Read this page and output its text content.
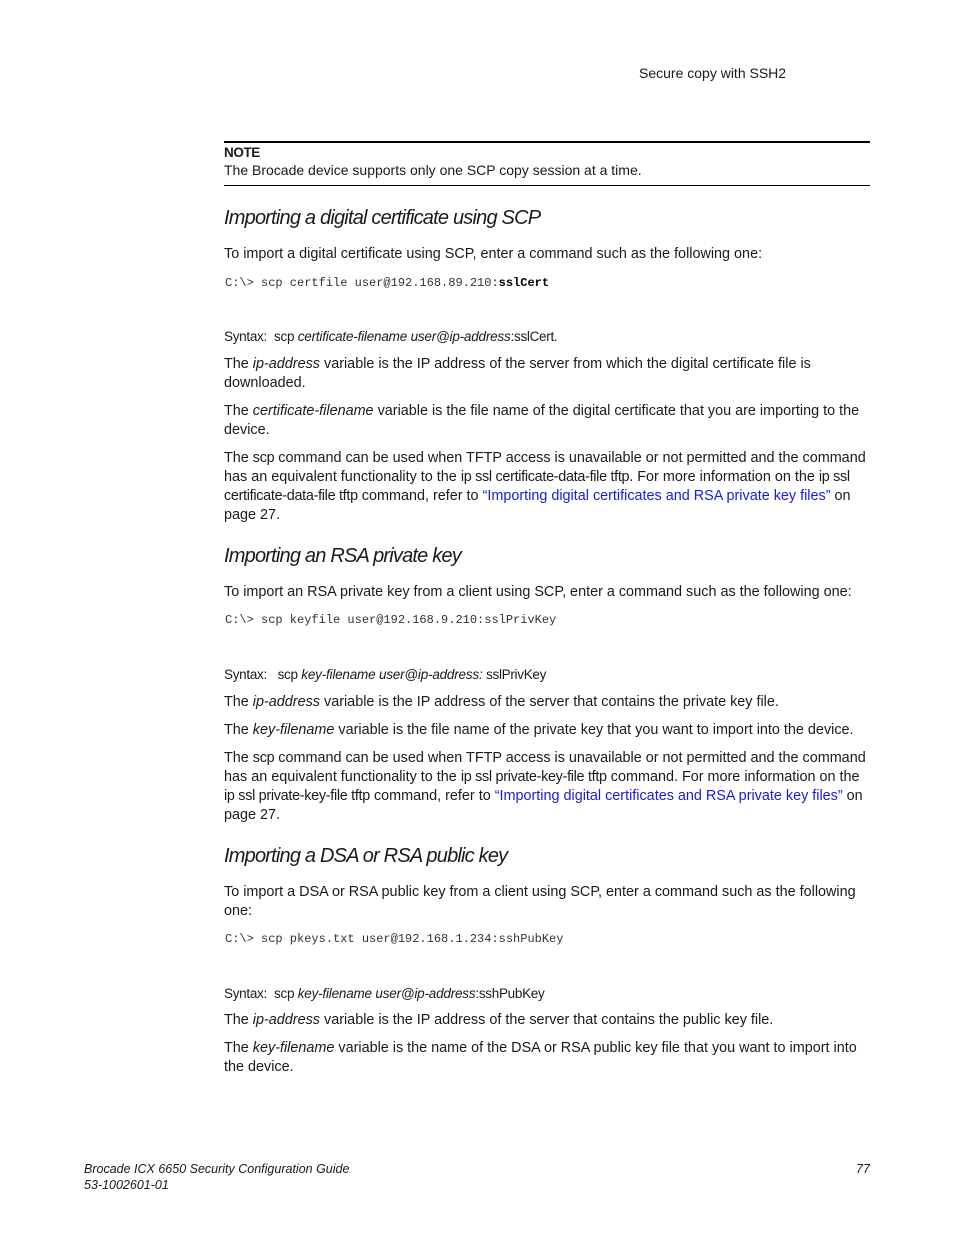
Secure copy with SSH2
NOTE
The Brocade device supports only one SCP copy session at a time.
Importing a digital certificate using SCP

To import a digital certificate using SCP, enter a command such as the following one:

C:\> scp certfile user@192.168.89.210:sslCert
Syntax: scp certificate-filename user@ip-address:sslCert.

The ip-address variable is the IP address of the server from which the digital certificate file is downloaded.

The certificate-filename variable is the file name of the digital certificate that you are importing to the device.

The scp command can be used when TFTP access is unavailable or not permitted and the command has an equivalent functionality to the ip ssl certificate-data-file tftp. For more information on the ip ssl certificate-data-file tftp command, refer to “Importing digital certificates and RSA private key files” on page 27.

Importing an RSA private key

To import an RSA private key from a client using SCP, enter a command such as the following one:

C:\> scp keyfile user@192.168.9.210:sslPrivKey
Syntax: scp key-filename user@ip-address: sslPrivKey

The ip-address variable is the IP address of the server that contains the private key file.

The key-filename variable is the file name of the private key that you want to import into the device.

The scp command can be used when TFTP access is unavailable or not permitted and the command has an equivalent functionality to the ip ssl private-key-file tftp command. For more information on the ip ssl private-key-file tftp command, refer to “Importing digital certificates and RSA private key files” on page 27.

Importing a DSA or RSA public key

To import a DSA or RSA public key from a client using SCP, enter a command such as the following one:

C:\> scp pkeys.txt user@192.168.1.234:sshPubKey
Syntax: scp key-filename user@ip-address:sshPubKey

The ip-address variable is the IP address of the server that contains the public key file.

The key-filename variable is the name of the DSA or RSA public key file that you want to import into the device.

Brocade ICX 6650 Security Configuration Guide
53-1002601-01
77
